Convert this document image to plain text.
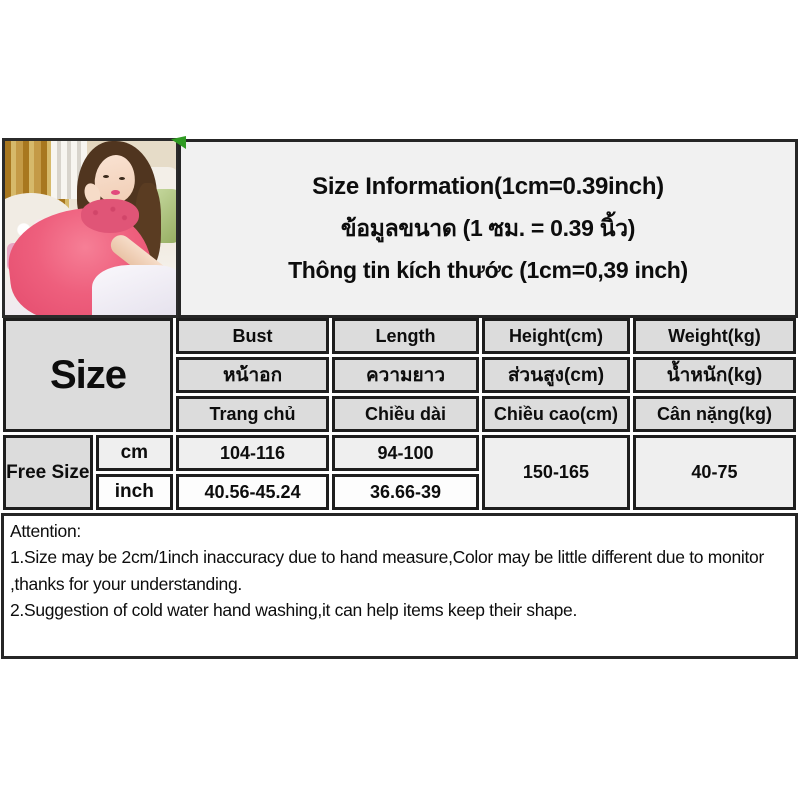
Size Information(1cm=0.39inch)
ข้อมูลขนาด (1 ซม. = 0.39 นิ้ว)
Thông tin kích thước (1cm=0,39 inch)
Size		Bust	Length	Height(cm)	Weight(kg)
		หน้าอก	ความยาว	ส่วนสูง(cm)	น้ำหนัก(kg)
		Trang chủ	Chiều dài	Chiều cao(cm)	Cân nặng(kg)
Free Size	cm	104-116	94-100	150-165	40-75
	inch	40.56-45.24	36.66-39		
Attention:
1.Size may be 2cm/1inch inaccuracy due to hand measure,Color may be little different due to monitor ,thanks for your understanding.
2.Suggestion of cold water hand washing,it can help items keep their shape.
